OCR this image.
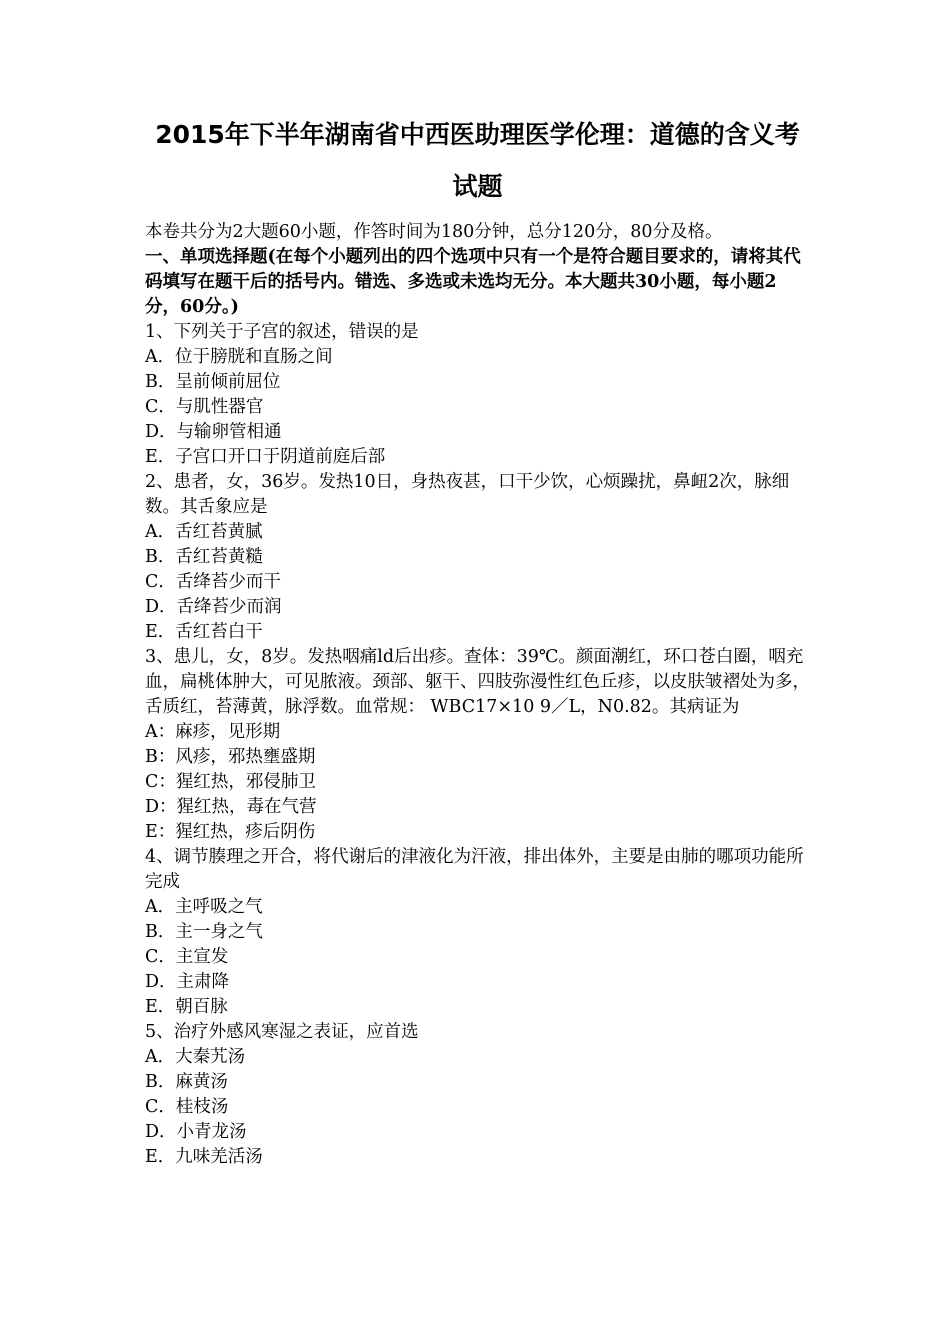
2015年下半年湖南省中西医助理医学伦理：道德的含义考
试题
本卷共分为2大题60小题，作答时间为180分钟，总分120分，80分及格。
一、单项选择题(在每个小题列出的四个选项中只有一个是符合题目要求的，请将其代码填写在题干后的括号内。错选、多选或未选均无分。本大题共30小题，每小题2分，60分。)
1、下列关于子宫的叙述，错误的是
A．位于膀胱和直肠之间
B．呈前倾前屈位
C．与肌性器官
D．与输卵管相通
E．子宫口开口于阴道前庭后部
2、患者，女，36岁。发热10日，身热夜甚，口干少饮，心烦躁扰，鼻衄2次，脉细数。其舌象应是
A．舌红苔黄腻
B．舌红苔黄糙
C．舌绛苔少而干
D．舌绛苔少而润
E．舌红苔白干
3、患儿，女，8岁。发热咽痛ld后出疹。查体：39℃。颜面潮红，环口苍白圈，咽充血，扁桃体肿大，可见脓液。颈部、躯干、四肢弥漫性红色丘疹，以皮肤皱褶处为多，舌质红，苔薄黄，脉浮数。血常规： WBC17×10 9／L，N0.82。其病证为
A：麻疹，见形期
B：风疹，邪热壅盛期
C：猩红热，邪侵肺卫
D：猩红热，毒在气营
E：猩红热，疹后阴伤
4、调节腠理之开合，将代谢后的津液化为汗液，排出体外，主要是由肺的哪项功能所完成
A．主呼吸之气
B．主一身之气
C．主宣发
D．主肃降
E．朝百脉
5、治疗外感风寒湿之表证，应首选
A．大秦艽汤
B．麻黄汤
C．桂枝汤
D．小青龙汤
E．九味羌活汤
